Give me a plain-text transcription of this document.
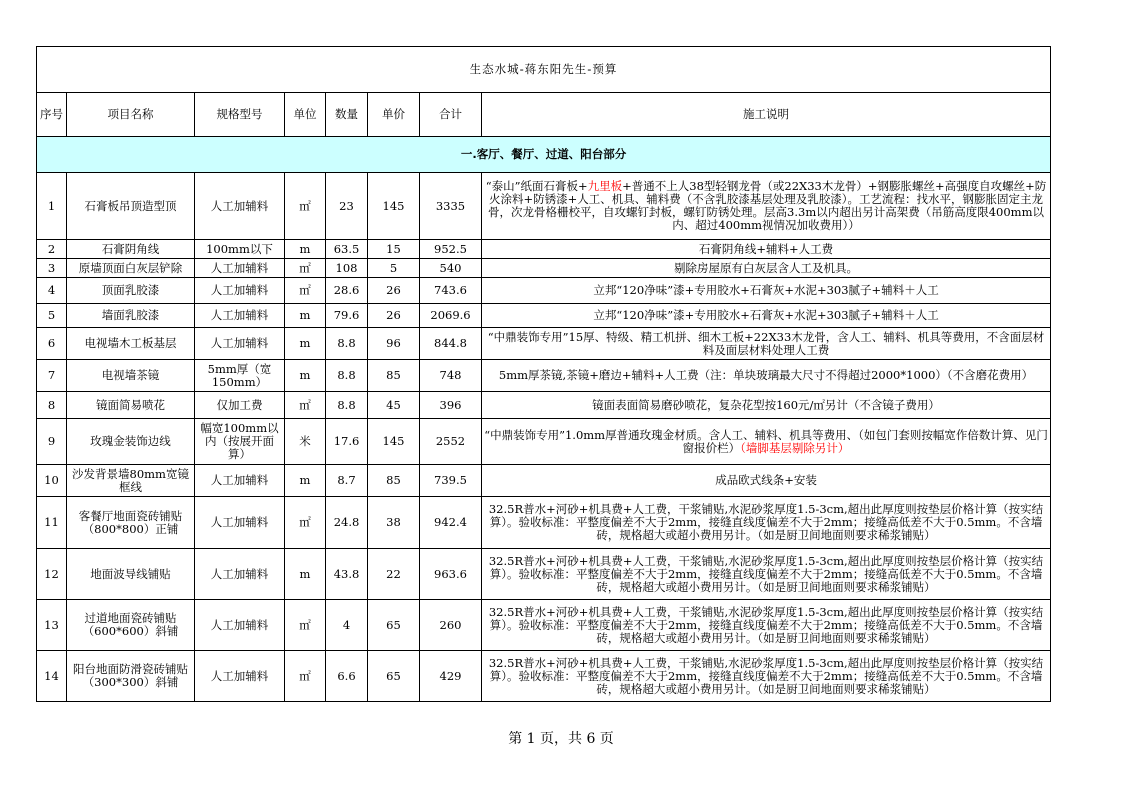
生态水城-蒋东阳先生-预算							
序号	项目名称	规格型号	单位	数量	单价	合计	施工说明
一.客厅、餐厅、过道、阳台部分							
1	石膏板吊顶造型顶	人工加辅料	㎡	23	145	3335	“泰山”纸面石膏板+九里板+普通不上人38型轻钢龙骨（或22X33木龙骨）+钢膨胀螺丝+高强度自攻螺丝+防火涂料+防锈漆+人工、机具、辅料费（不含乳胶漆基层处理及乳胶漆）。工艺流程：找水平，钢膨胀固定主龙骨，次龙骨格栅校平，自攻螺钉封板，螺钉防锈处理。层高3.3m以内超出另计高架费（吊筋高度限400mm以内、超过400mm视情况加收费用））
2	石膏阴角线	100mm以下	m	63.5	15	952.5	石膏阴角线+辅料+人工费
3	原墙顶面白灰层铲除	人工加辅料	㎡	108	5	540	剔除房屋原有白灰层含人工及机具。
4	顶面乳胶漆	人工加辅料	㎡	28.6	26	743.6	立邦“120净味”漆+专用胶水+石膏灰+水泥+303腻子+辅料＋人工
5	墙面乳胶漆	人工加辅料	m	79.6	26	2069.6	立邦“120净味”漆+专用胶水+石膏灰+水泥+303腻子+辅料＋人工
6	电视墙木工板基层	人工加辅料	m	8.8	96	844.8	“中鼎装饰专用”15厚、特级、精工机拼、细木工板+22X33木龙骨，含人工、辅料、机具等费用，不含面层材料及面层材料处理人工费
7	电视墙茶镜	5mm厚（宽150mm）	m	8.8	85	748	5mm厚茶镜,茶镜+磨边+辅料+人工费（注：单块玻璃最大尺寸不得超过2000*1000）（不含磨花费用）
8	镜面简易喷花	仅加工费	㎡	8.8	45	396	镜面表面简易磨砂喷花，复杂花型按160元/㎡另计（不含镜子费用）
9	玫瑰金装饰边线	幅宽100mm以内（按展开面算）	米	17.6	145	2552	“中鼎装饰专用”1.0mm厚普通玫瑰金材质。含人工、辅料、机具等费用、（如包门套则按幅宽作倍数计算、见门窗报价栏）（墙脚基层剔除另计）
10	沙发背景墙80mm宽镜框线	人工加辅料	m	8.7	85	739.5	成品欧式线条+安装
11	客餐厅地面瓷砖铺贴（800*800）正铺	人工加辅料	㎡	24.8	38	942.4	32.5R普水+河砂+机具费+人工费，干浆铺贴,水泥砂浆厚度1.5-3cm,超出此厚度则按垫层价格计算（按实结算）。验收标准：平整度偏差不大于2mm，接缝直线度偏差不大于2mm；接缝高低差不大于0.5mm。不含墙砖，规格超大或超小费用另计。（如是厨卫间地面则要求稀浆铺贴）
12	地面波导线铺贴	人工加辅料	m	43.8	22	963.6	32.5R普水+河砂+机具费+人工费，干浆铺贴,水泥砂浆厚度1.5-3cm,超出此厚度则按垫层价格计算（按实结算）。验收标准：平整度偏差不大于2mm，接缝直线度偏差不大于2mm；接缝高低差不大于0.5mm。不含墙砖，规格超大或超小费用另计。（如是厨卫间地面则要求稀浆铺贴）
13	过道地面瓷砖铺贴（600*600）斜铺	人工加辅料	㎡	4	65	260	32.5R普水+河砂+机具费+人工费，干浆铺贴,水泥砂浆厚度1.5-3cm,超出此厚度则按垫层价格计算（按实结算）。验收标准：平整度偏差不大于2mm，接缝直线度偏差不大于2mm；接缝高低差不大于0.5mm。不含墙砖，规格超大或超小费用另计。（如是厨卫间地面则要求稀浆铺贴）
14	阳台地面防滑瓷砖铺贴（300*300）斜铺	人工加辅料	㎡	6.6	65	429	32.5R普水+河砂+机具费+人工费，干浆铺贴,水泥砂浆厚度1.5-3cm,超出此厚度则按垫层价格计算（按实结算）。验收标准：平整度偏差不大于2mm，接缝直线度偏差不大于2mm；接缝高低差不大于0.5mm。不含墙砖，规格超大或超小费用另计。（如是厨卫间地面则要求稀浆铺贴）
第 1 页，共 6 页
